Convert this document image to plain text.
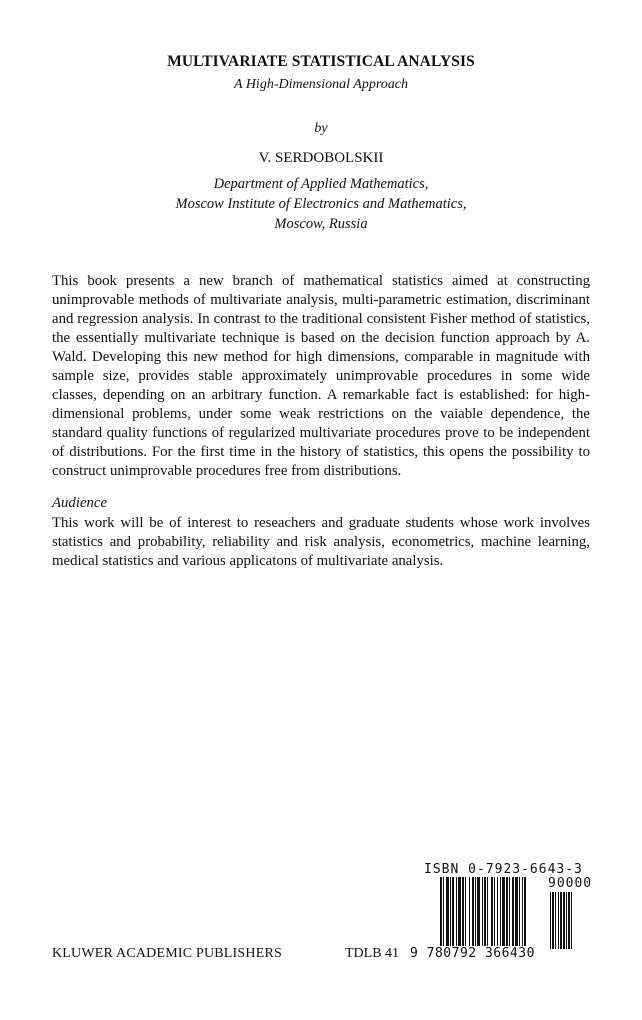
MULTIVARIATE STATISTICAL ANALYSIS
A High-Dimensional Approach
by
V. SERDOBOLSKII
Department of Applied Mathematics,
Moscow Institute of Electronics and Mathematics,
Moscow, Russia
This book presents a new branch of mathematical statistics aimed at constructing unimprovable methods of multivariate analysis, multi-parametric estimation, discriminant and regression analysis. In contrast to the traditional consistent Fisher method of statistics, the essentially multivariate technique is based on the decision function approach by A. Wald. Developing this new method for high dimensions, comparable in magnitude with sample size, provides stable approximately unimprovable procedures in some wide classes, depending on an arbitrary function. A remarkable fact is established: for high-dimensional problems, under some weak restrictions on the vaiable dependence, the standard quality functions of regularized multivariate procedures prove to be independent of distributions. For the first time in the history of statistics, this opens the possibility to construct unimprovable procedures free from distributions.
Audience
This work will be of interest to reseachers and graduate students whose work involves statistics and probability, reliability and risk analysis, econometrics, machine learning, medical statistics and various applicatons of multivariate analysis.
ISBN 0-7923-6643-3
90000
9 780792 366430
KLUWER ACADEMIC PUBLISHERS	TDLB 41
